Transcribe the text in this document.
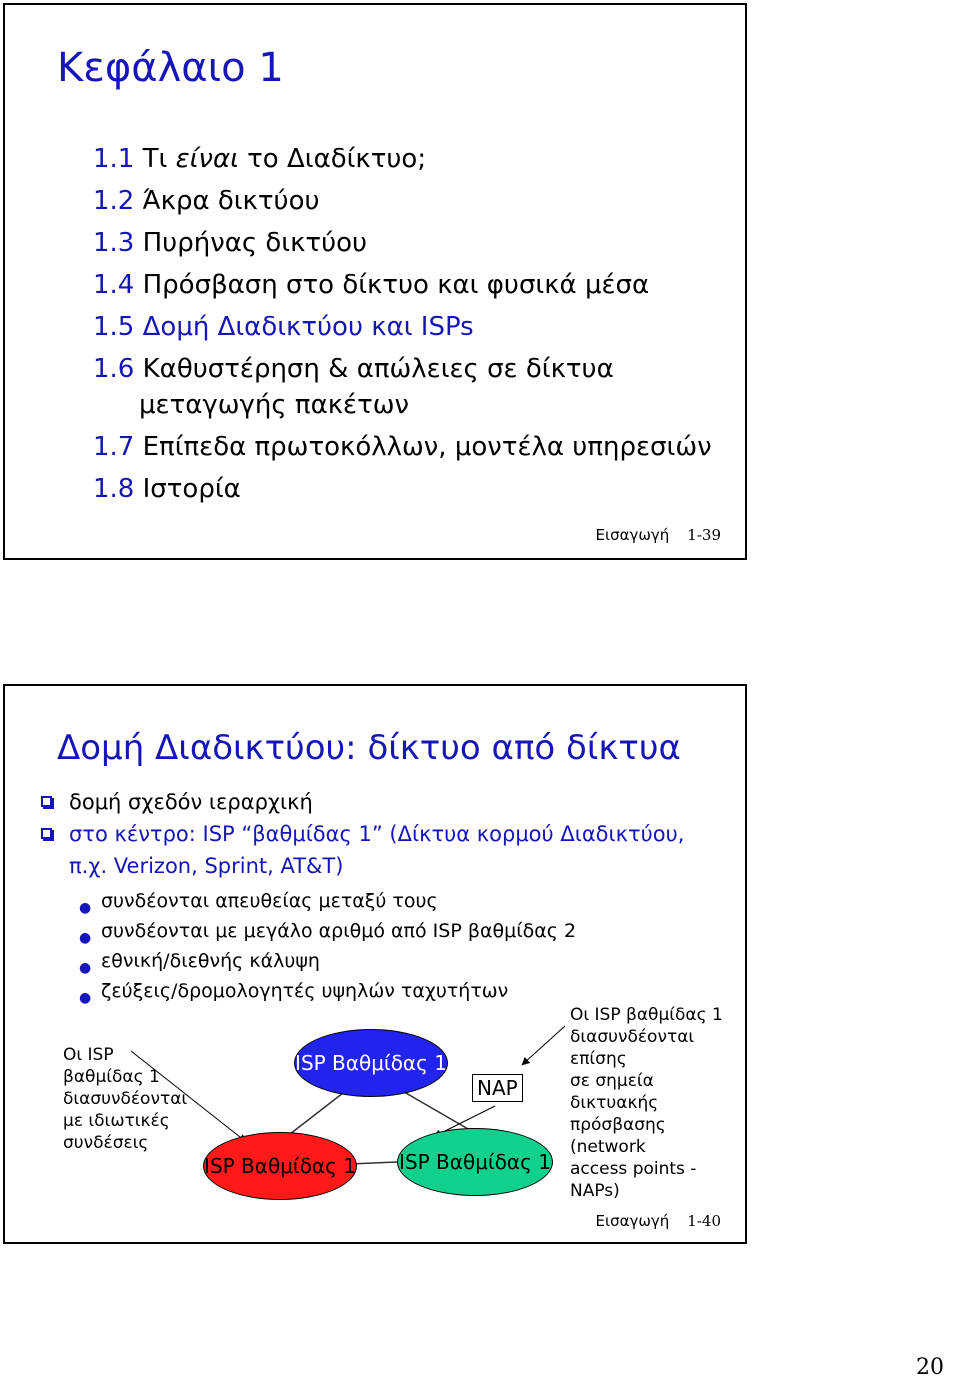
Κεφάλαιο 1
1.1 Τι είναι το Διαδίκτυο;
1.2 Άκρα δικτύου
1.3 Πυρήνας δικτύου
1.4 Πρόσβαση στο δίκτυο και φυσικά μέσα
1.5 Δομή Διαδικτύου και ISPs
1.6 Καθυστέρηση & απώλειες σε δίκτυα
μεταγωγής πακέτων
1.7 Επίπεδα πρωτοκόλλων, μοντέλα υπηρεσιών
1.8 Ιστορία
Εισαγωγή 1-39
Δομή Διαδικτύου: δίκτυο από δίκτυα
δομή σχεδόν ιεραρχική
στο κέντρο: ISP “βαθμίδας 1” (Δίκτυα κορμού Διαδικτύου, π.χ. Verizon, Sprint, AT&T)
● συνδέονται απευθείας μεταξύ τους
● συνδέονται με μεγάλο αριθμό από ISP βαθμίδας 2
● εθνική/διεθνής κάλυψη
● ζεύξεις/δρομολογητές υψηλών ταχυτήτων
ISP Βαθμίδας 1
ISP Βαθμίδας 1 ISP Βαθμίδας 1
NAP
Οι ISP
βαθμίδας 1
διασυνδέονται
με ιδιωτικές
συνδέσεις
Οι ISP βαθμίδας 1
διασυνδέονται επίσης
σε σημεία δικτυακής
πρόσβασης (network
access points -
NAPs)
Εισαγωγή 1-40
20
